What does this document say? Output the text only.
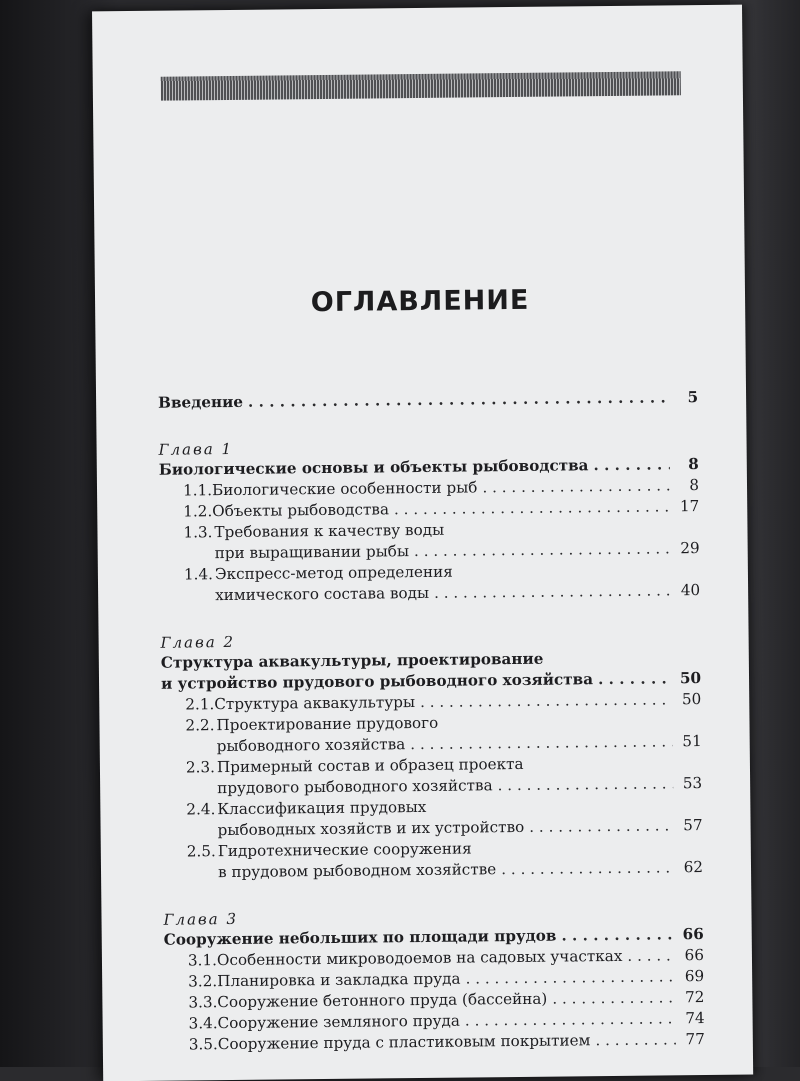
ОГЛАВЛЕНИЕ
Введение . . .	5
Глава 1
Биологические основы и объекты рыбоводства . . .	8
1.1. Биологические особенности рыб . . .	8
1.2. Объекты рыбоводства . . .	17
1.3. Требования к качеству воды
при выращивании рыбы . . .	29
1.4. Экспресс-метод определения
химического состава воды . . .	40
Глава 2
Структура аквакультуры, проектирование
и устройство прудового рыбоводного хозяйства . . .	50
2.1. Структура аквакультуры . . .	50
2.2. Проектирование прудового
рыбоводного хозяйства . . .	51
2.3. Примерный состав и образец проекта
прудового рыбоводного хозяйства . . .	53
2.4. Классификация прудовых
рыбоводных хозяйств и их устройство . . .	57
2.5. Гидротехнические сооружения
в прудовом рыбоводном хозяйстве . . .	62
Глава 3
Сооружение небольших по площади прудов . . .	66
3.1. Особенности микроводоемов на садовых участках . . .	66
3.2. Планировка и закладка пруда . . .	69
3.3. Сооружение бетонного пруда (бассейна) . . .	72
3.4. Сооружение земляного пруда . . .	74
3.5. Сооружение пруда с пластиковым покрытием . . .	77
